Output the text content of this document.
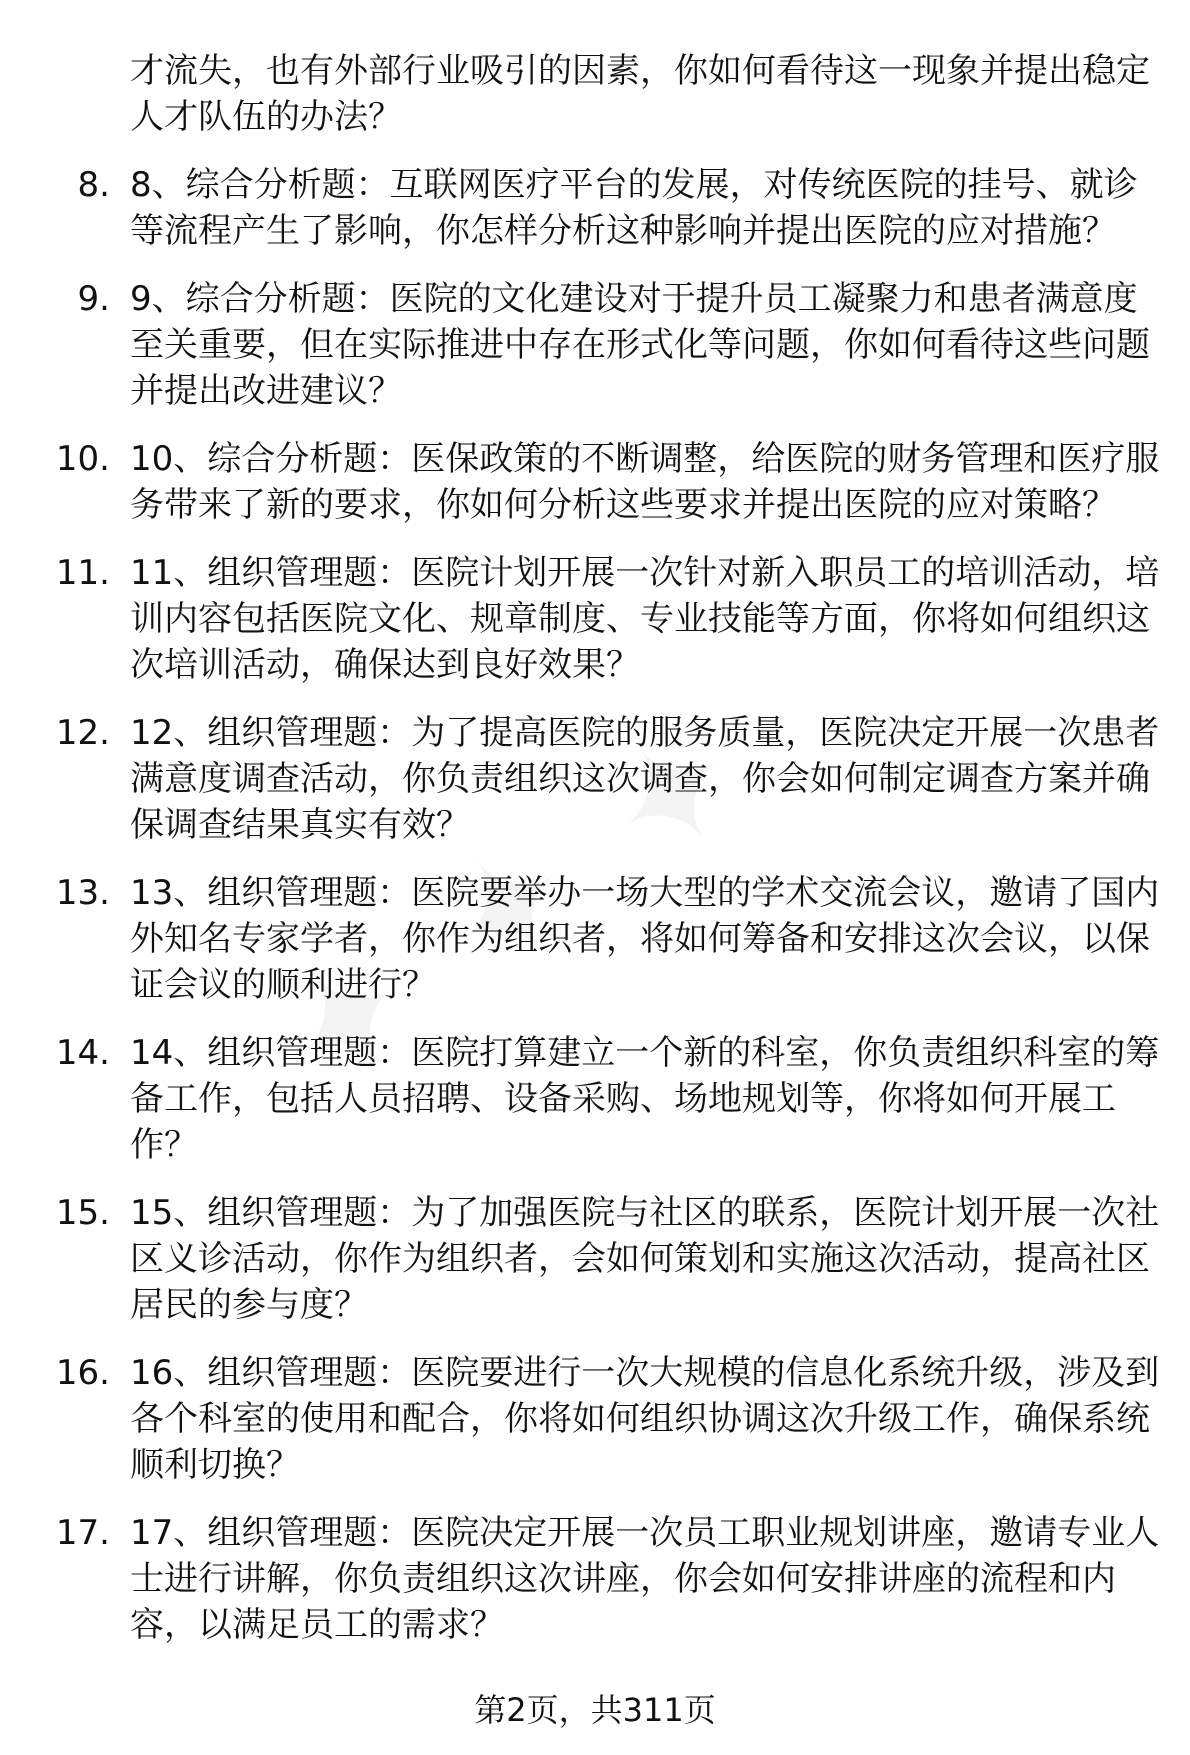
才流失，也有外部行业吸引的因素，你如何看待这一现象并提出稳定人才队伍的办法？
8. 8、综合分析题：互联网医疗平台的发展，对传统医院的挂号、就诊等流程产生了影响，你怎样分析这种影响并提出医院的应对措施？
9. 9、综合分析题：医院的文化建设对于提升员工凝聚力和患者满意度至关重要，但在实际推进中存在形式化等问题，你如何看待这些问题并提出改进建议？
10. 10、综合分析题：医保政策的不断调整，给医院的财务管理和医疗服务带来了新的要求，你如何分析这些要求并提出医院的应对策略？
11. 11、组织管理题：医院计划开展一次针对新入职员工的培训活动，培训内容包括医院文化、规章制度、专业技能等方面，你将如何组织这次培训活动，确保达到良好效果？
12. 12、组织管理题：为了提高医院的服务质量，医院决定开展一次患者满意度调查活动，你负责组织这次调查，你会如何制定调查方案并确保调查结果真实有效？
13. 13、组织管理题：医院要举办一场大型的学术交流会议，邀请了国内外知名专家学者，你作为组织者，将如何筹备和安排这次会议，以保证会议的顺利进行？
14. 14、组织管理题：医院打算建立一个新的科室，你负责组织科室的筹备工作，包括人员招聘、设备采购、场地规划等，你将如何开展工作？
15. 15、组织管理题：为了加强医院与社区的联系，医院计划开展一次社区义诊活动，你作为组织者，会如何策划和实施这次活动，提高社区居民的参与度？
16. 16、组织管理题：医院要进行一次大规模的信息化系统升级，涉及到各个科室的使用和配合，你将如何组织协调这次升级工作，确保系统顺利切换？
17. 17、组织管理题：医院决定开展一次员工职业规划讲座，邀请专业人士进行讲解，你负责组织这次讲座，你会如何安排讲座的流程和内容，以满足员工的需求？
第2页，共311页
